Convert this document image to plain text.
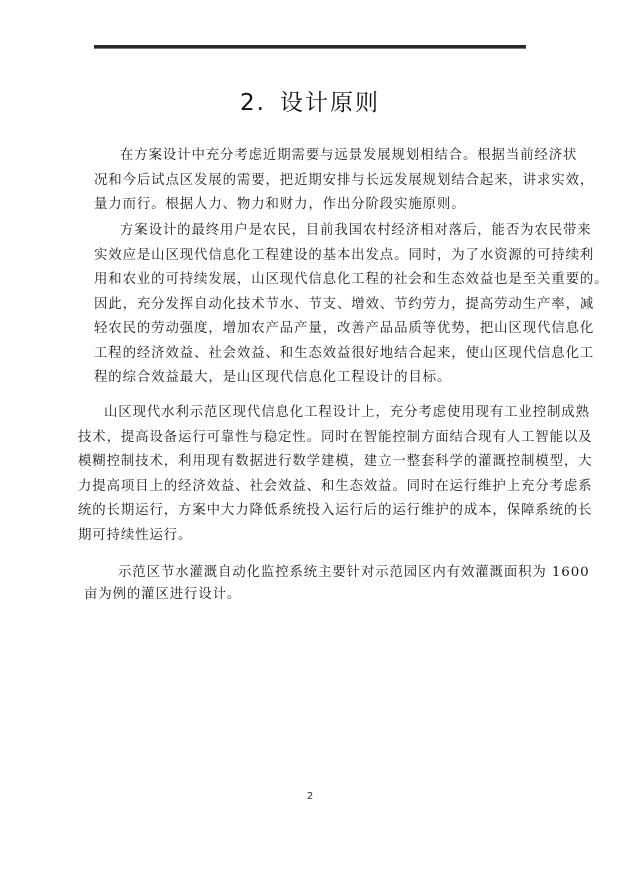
2. 设计原则
在方案设计中充分考虑近期需要与远景发展规划相结合。根据当前经济状
况和今后试点区发展的需要，把近期安排与长远发展规划结合起来，讲求实效，
量力而行。根据人力、物力和财力，作出分阶段实施原则。
方案设计的最终用户是农民，目前我国农村经济相对落后，能否为农民带来
实效应是山区现代信息化工程建设的基本出发点。同时，为了水资源的可持续利
用和农业的可持续发展，山区现代信息化工程的社会和生态效益也是至关重要的。
因此，充分发挥自动化技术节水、节支、增效、节约劳力，提高劳动生产率，减
轻农民的劳动强度，增加农产品产量，改善产品品质等优势，把山区现代信息化
工程的经济效益、社会效益、和生态效益很好地结合起来，使山区现代信息化工
程的综合效益最大，是山区现代信息化工程设计的目标。
山区现代水利示范区现代信息化工程设计上，充分考虑使用现有工业控制成熟
技术，提高设备运行可靠性与稳定性。同时在智能控制方面结合现有人工智能以及
模糊控制技术，利用现有数据进行数学建模，建立一整套科学的灌溉控制模型，大
力提高项目上的经济效益、社会效益、和生态效益。同时在运行维护上充分考虑系
统的长期运行，方案中大力降低系统投入运行后的运行维护的成本，保障系统的长
期可持续性运行。
示范区节水灌溉自动化监控系统主要针对示范园区内有效灌溉面积为 1600
亩为例的灌区进行设计。
2
